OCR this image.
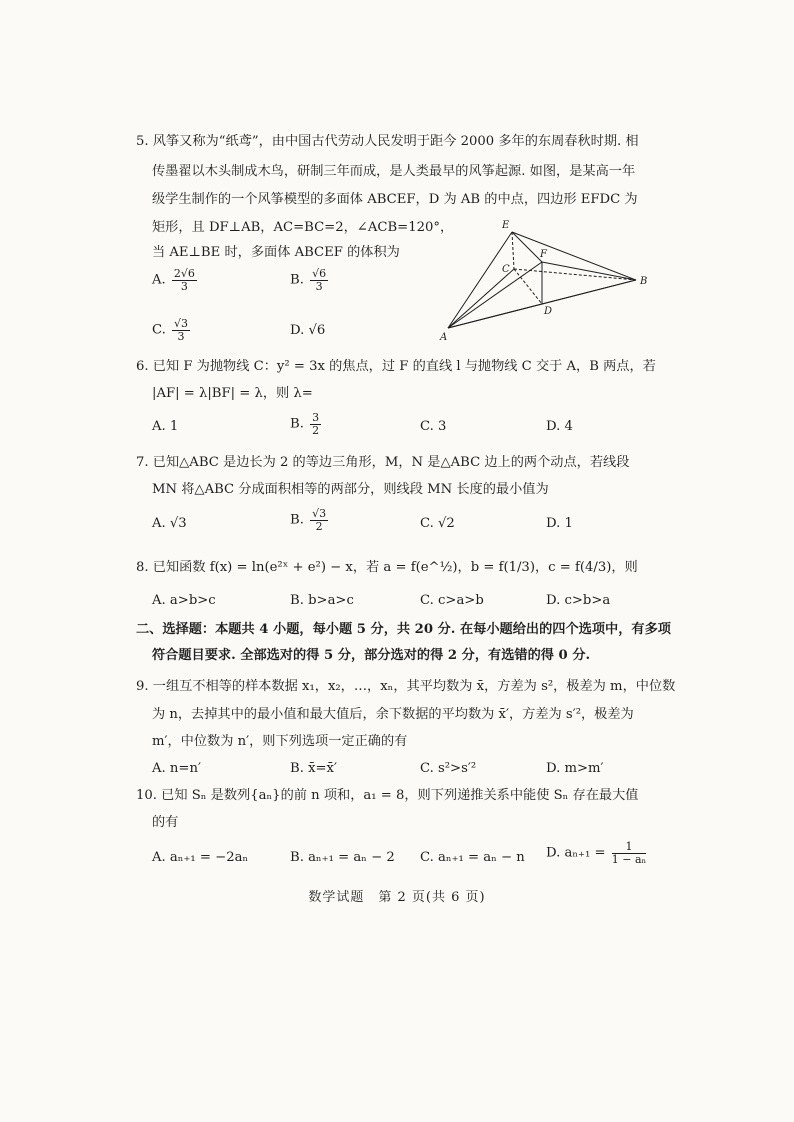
5. 风筝又称为“纸鸢”，由中国古代劳动人民发明于距今 2000 多年的东周春秋时期. 相
传墨翟以木头制成木鸟，研制三年而成，是人类最早的风筝起源. 如图，是某高一年
级学生制作的一个风筝模型的多面体 ABCEF，D 为 AB 的中点，四边形 EFDC 为
矩形，且 DF⊥AB，AC=BC=2，∠ACB=120°，
当 AE⊥BE 时，多面体 ABCEF 的体积为
A. $\frac{2√6}{3}$	B. $\frac{√6}{3}$
C. $\frac{√3}{3}$	D. √6
E
F
C
B
D
A
6. 已知 F 为抛物线 C：y² = 3x 的焦点，过 F 的直线 l 与抛物线 C 交于 A，B 两点，若
|AF| = λ|BF| = λ，则 λ=
A. 1	B. $\frac{3}{2}$	C. 3	D. 4
7. 已知△ABC 是边长为 2 的等边三角形，M，N 是△ABC 边上的两个动点，若线段
MN 将△ABC 分成面积相等的两部分，则线段 MN 长度的最小值为
A. √3	B. $\frac{√3}{2}$	C. √2	D. 1
8. 已知函数 f(x) = ln(e²ˣ + e²) − x，若 a = f(e^½)，b = f(1/3)，c = f(4/3)，则
A. a>b>c	B. b>a>c	C. c>a>b	D. c>b>a
二、选择题：本题共 4 小题，每小题 5 分，共 20 分. 在每小题给出的四个选项中，有多项
符合题目要求. 全部选对的得 5 分，部分选对的得 2 分，有选错的得 0 分.
9. 一组互不相等的样本数据 x₁，x₂，…，xₙ，其平均数为 x̄，方差为 s²，极差为 m，中位数
为 n，去掉其中的最小值和最大值后，余下数据的平均数为 x̄′，方差为 s′²，极差为
m′，中位数为 n′，则下列选项一定正确的有
A. n=n′	B. x̄=x̄′	C. s²>s′²	D. m>m′
10. 已知 Sₙ 是数列{aₙ}的前 n 项和，a₁ = 8，则下列递推关系中能使 Sₙ 存在最大值
的有
A. aₙ₊₁ = −2aₙ	B. aₙ₊₁ = aₙ − 2 C. aₙ₊₁ = aₙ − n D. $a_{n+1} = \frac{1}{\text{1 − aₙ}}$
数学试题　第 2 页(共 6 页)
